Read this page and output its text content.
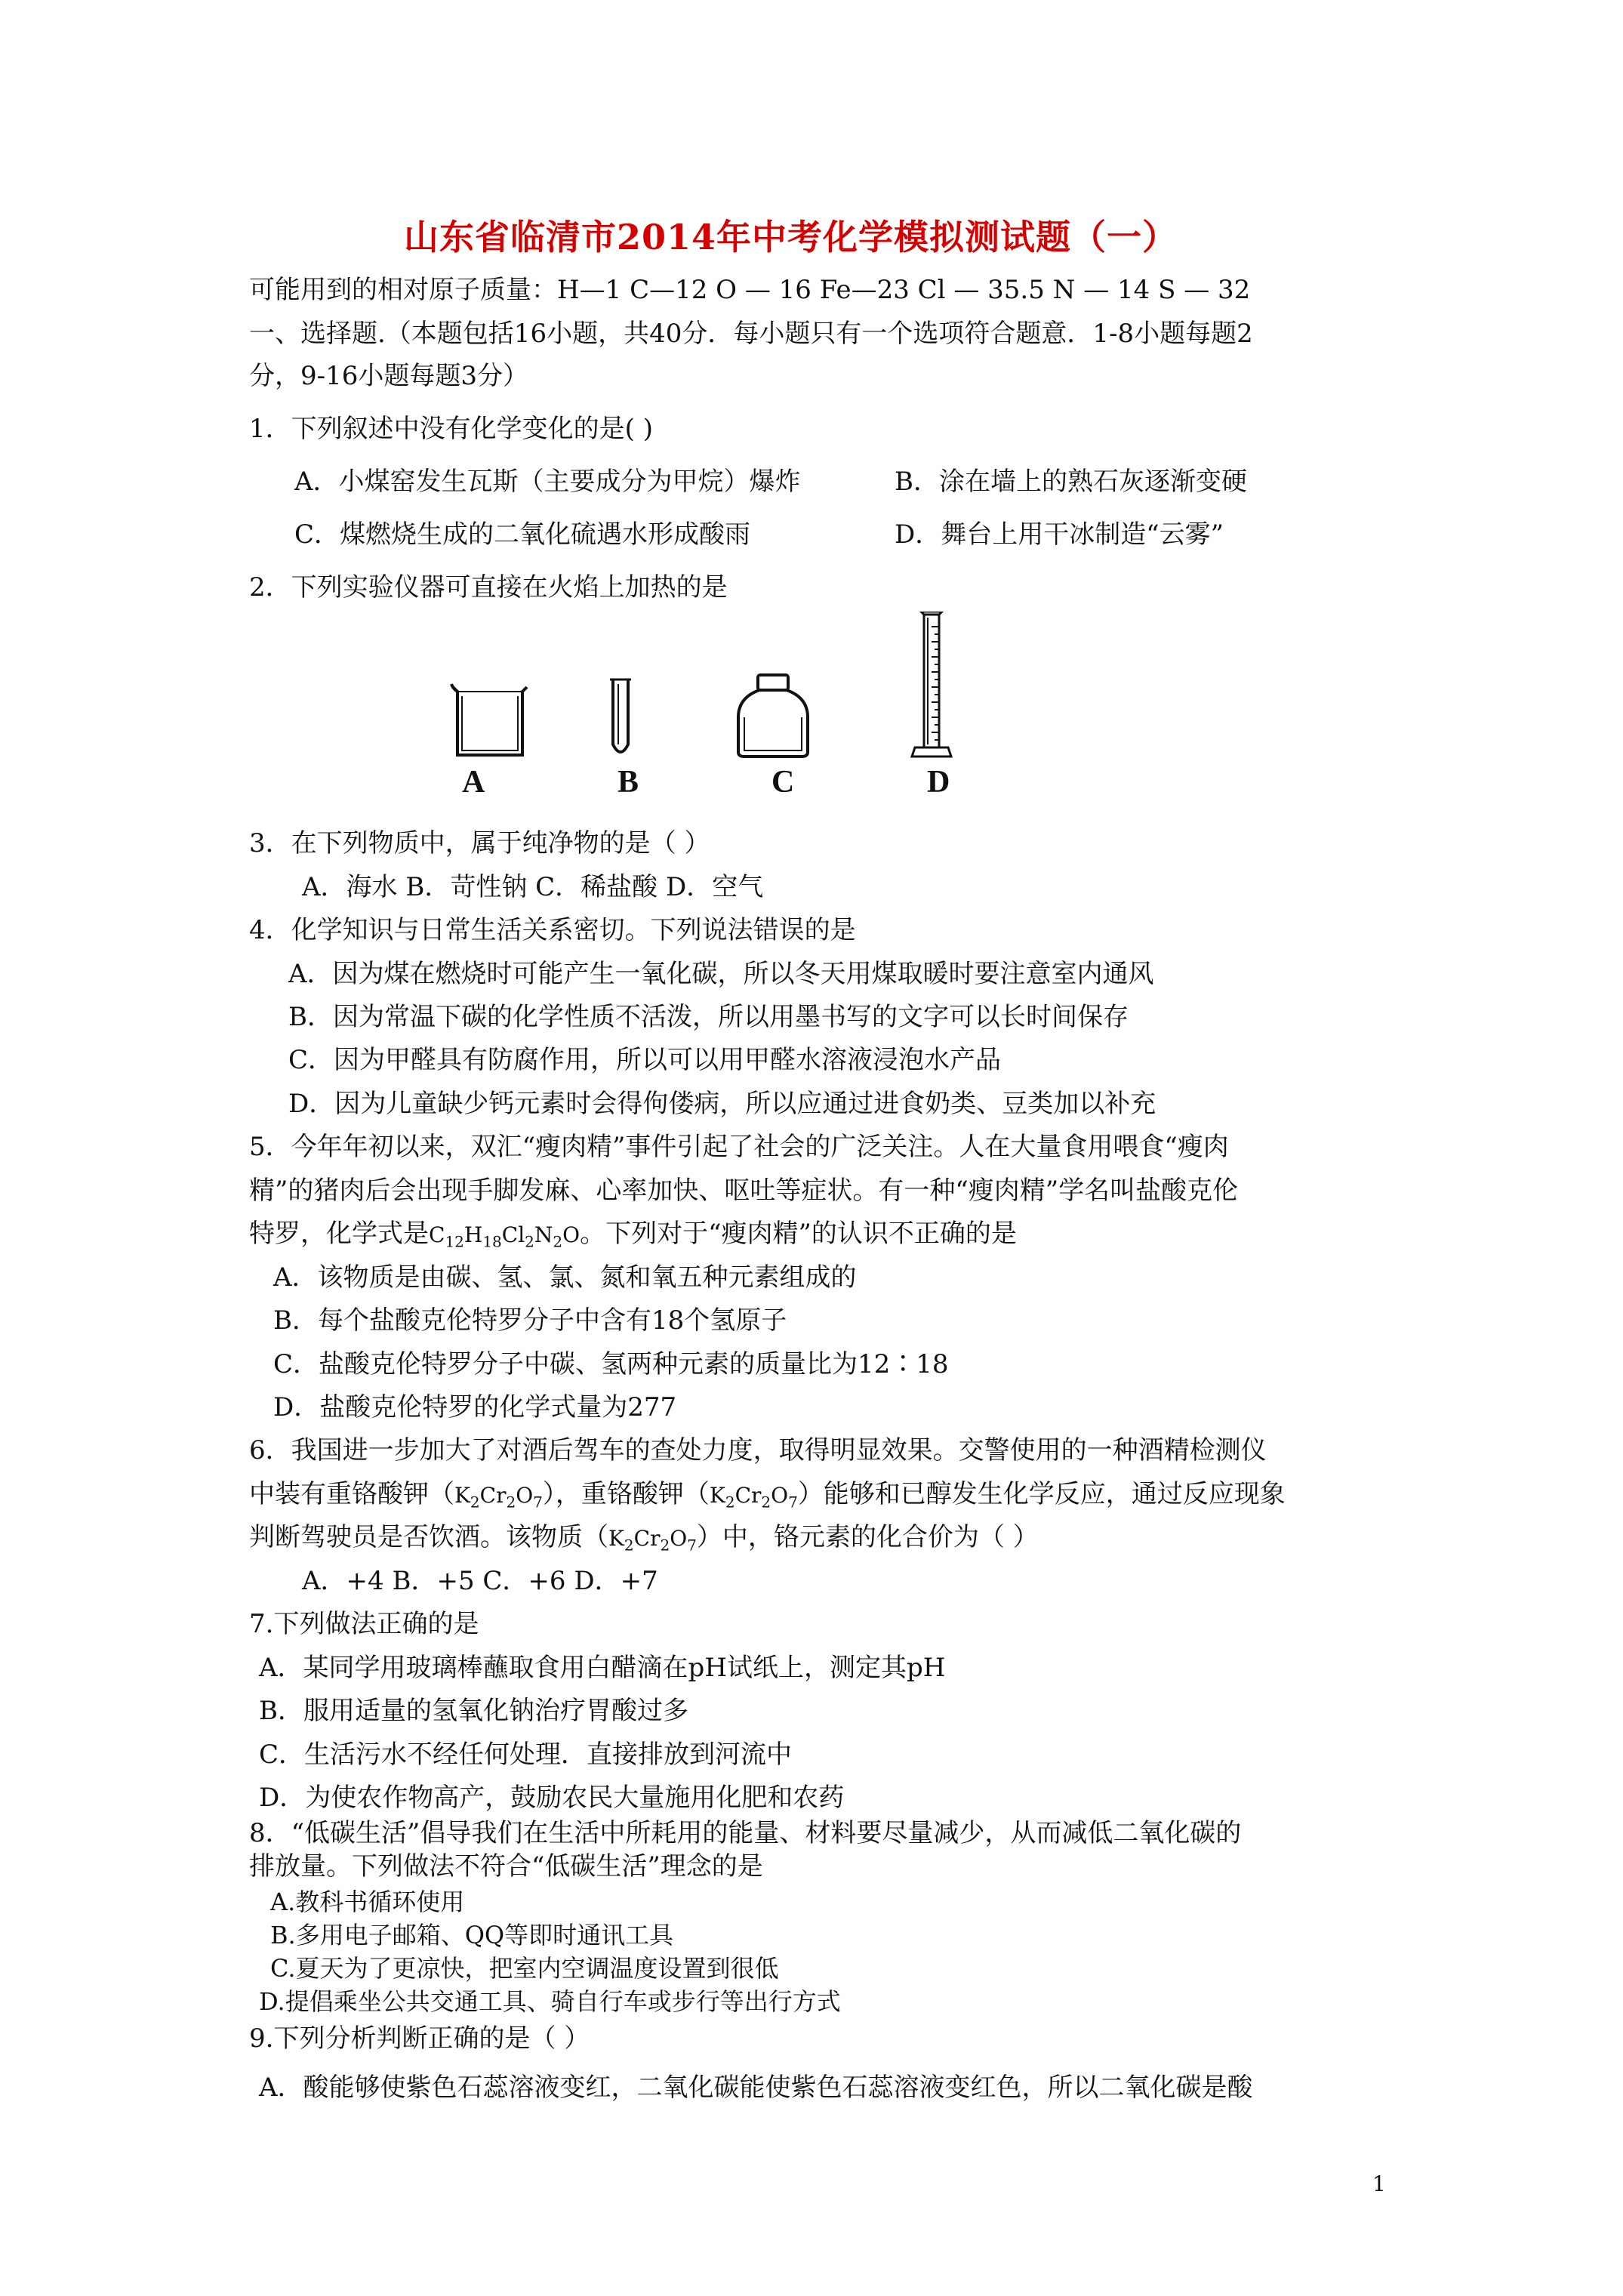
山东省临清市2014年中考化学模拟测试题（一）
可能用到的相对原子质量：H—1 C—12 O — 16 Fe—23 Cl — 35.5 N — 14 S — 32
一、选择题.（本题包括16小题，共40分．每小题只有一个选项符合题意．1-8小题每题2
分，9-16小题每题3分）
1．下列叙述中没有化学变化的是( )
A．小煤窑发生瓦斯（主要成分为甲烷）爆炸	B．涂在墙上的熟石灰逐渐变硬
C．煤燃烧生成的二氧化硫遇水形成酸雨	D．舞台上用干冰制造“云雾”
2．下列实验仪器可直接在火焰上加热的是
A	B	C	D
3．在下列物质中，属于纯净物的是（ ）
A．海水 B．苛性钠 C．稀盐酸 D．空气
4．化学知识与日常生活关系密切。下列说法错误的是
A．因为煤在燃烧时可能产生一氧化碳，所以冬天用煤取暖时要注意室内通风
B．因为常温下碳的化学性质不活泼，所以用墨书写的文字可以长时间保存
C．因为甲醛具有防腐作用，所以可以用甲醛水溶液浸泡水产品
D．因为儿童缺少钙元素时会得佝偻病，所以应通过进食奶类、豆类加以补充
5．今年年初以来，双汇“瘦肉精”事件引起了社会的广泛关注。人在大量食用喂食“瘦肉
精”的猪肉后会出现手脚发麻、心率加快、呕吐等症状。有一种“瘦肉精”学名叫盐酸克伦
特罗，化学式是$C_{12}H_{18}Cl_2N_2O$。下列对于“瘦肉精”的认识不正确的是
A．该物质是由碳、氢、氯、氮和氧五种元素组成的
B．每个盐酸克伦特罗分子中含有18个氢原子
C．盐酸克伦特罗分子中碳、氢两种元素的质量比为12∶18
D．盐酸克伦特罗的化学式量为277
6．我国进一步加大了对酒后驾车的查处力度，取得明显效果。交警使用的一种酒精检测仪
中装有重铬酸钾$(K_2Cr_2O_7)$，重铬酸钾$(K_2Cr_2O_7)$能够和已醇发生化学反应，通过反应现象
判断驾驶员是否饮酒。该物质$(K_2Cr_2O_7)$中，铬元素的化合价为（ ）
A．+4 B．+5 C．+6 D．+7
7.下列做法正确的是
A．某同学用玻璃棒蘸取食用白醋滴在pH试纸上，测定其pH
B．服用适量的氢氧化钠治疗胃酸过多
C．生活污水不经任何处理．直接排放到河流中
D．为使农作物高产，鼓励农民大量施用化肥和农药
8．“低碳生活”倡导我们在生活中所耗用的能量、材料要尽量减少，从而减低二氧化碳的
排放量。下列做法不符合“低碳生活”理念的是
A.教科书循环使用
B.多用电子邮箱、QQ等即时通讯工具
C.夏天为了更凉快，把室内空调温度设置到很低
D.提倡乘坐公共交通工具、骑自行车或步行等出行方式
9.下列分析判断正确的是（ ）
A．酸能够使紫色石蕊溶液变红，二氧化碳能使紫色石蕊溶液变红色，所以二氧化碳是酸
1
